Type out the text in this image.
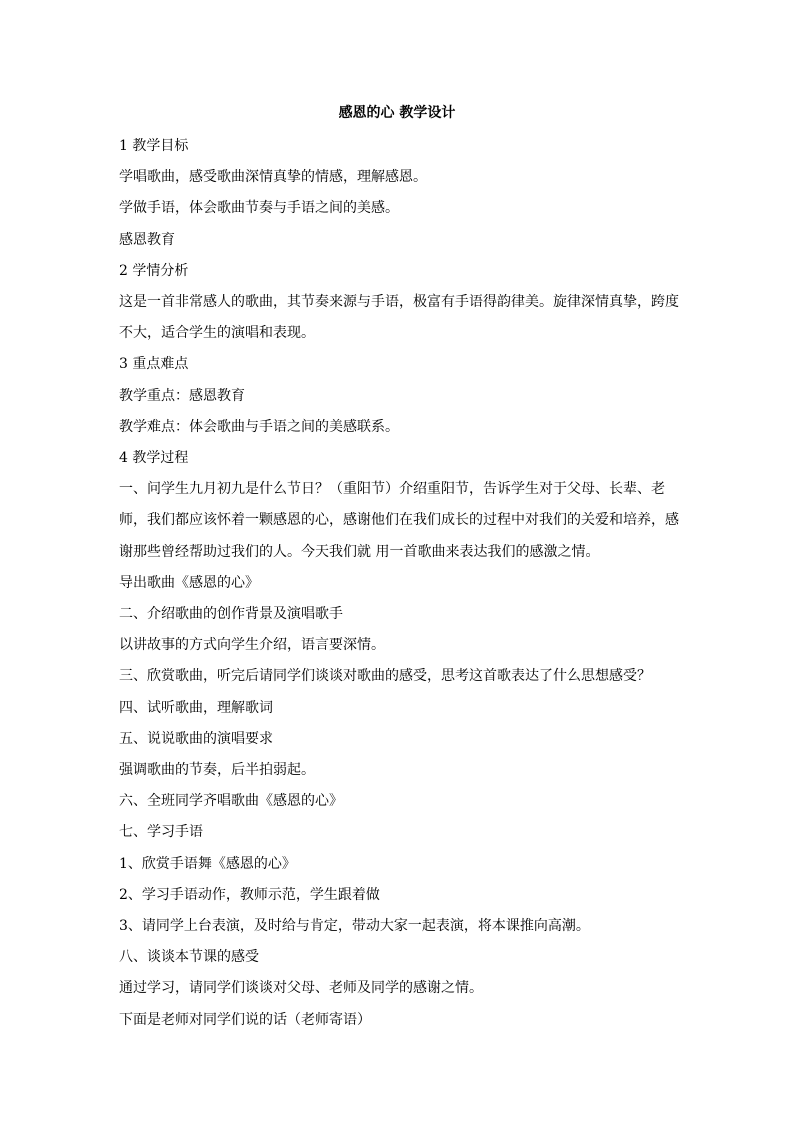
感恩的心 教学设计

1 教学目标

学唱歌曲，感受歌曲深情真挚的情感，理解感恩。

学做手语，体会歌曲节奏与手语之间的美感。

感恩教育

2 学情分析

这是一首非常感人的歌曲，其节奏来源与手语，极富有手语得韵律美。旋律深情真挚，跨度不大，适合学生的演唱和表现。

3 重点难点

教学重点：感恩教育

教学难点：体会歌曲与手语之间的美感联系。

4 教学过程

一、问学生九月初九是什么节日？（重阳节）介绍重阳节，告诉学生对于父母、长辈、老师，我们都应该怀着一颗感恩的心，感谢他们在我们成长的过程中对我们的关爱和培养，感谢那些曾经帮助过我们的人。今天我们就 用一首歌曲来表达我们的感激之情。

导出歌曲《感恩的心》

二、介绍歌曲的创作背景及演唱歌手

以讲故事的方式向学生介绍，语言要深情。

三、欣赏歌曲，听完后请同学们谈谈对歌曲的感受，思考这首歌表达了什么思想感受？

四、试听歌曲，理解歌词

五、说说歌曲的演唱要求

强调歌曲的节奏，后半拍弱起。

六、全班同学齐唱歌曲《感恩的心》

七、学习手语

1、欣赏手语舞《感恩的心》

2、学习手语动作，教师示范，学生跟着做

3、请同学上台表演，及时给与肯定，带动大家一起表演，将本课推向高潮。

八、谈谈本节课的感受

通过学习，请同学们谈谈对父母、老师及同学的感谢之情。

下面是老师对同学们说的话（老师寄语）
